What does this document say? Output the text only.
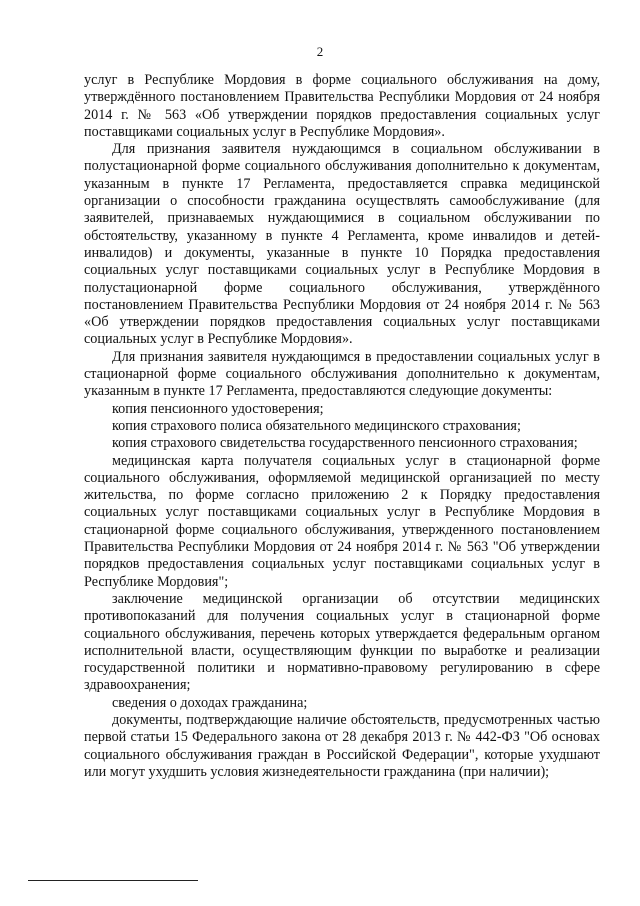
2

услуг в Республике Мордовия в форме социального обслуживания на дому, утверждённого постановлением Правительства Республики Мордовия от 24 ноября 2014 г. № 563 «Об утверждении порядков предоставления социальных услуг поставщиками социальных услуг в Республике Мордовия».

Для признания заявителя нуждающимся в социальном обслуживании в полустационарной форме социального обслуживания дополнительно к документам, указанным в пункте 17 Регламента, предоставляется справка медицинской организации о способности гражданина осуществлять самообслуживание (для заявителей, признаваемых нуждающимися в социальном обслуживании по обстоятельству, указанному в пункте 4 Регламента, кроме инвалидов и детей-инвалидов) и документы, указанные в пункте 10 Порядка предоставления социальных услуг поставщиками социальных услуг в Республике Мордовия в полустационарной форме социального обслуживания, утверждённого постановлением Правительства Республики Мордовия от 24 ноября 2014 г. № 563 «Об утверждении порядков предоставления социальных услуг поставщиками социальных услуг в Республике Мордовия».

Для признания заявителя нуждающимся в предоставлении социальных услуг в стационарной форме социального обслуживания дополнительно к документам, указанным в пункте 17 Регламента, предоставляются следующие документы:

копия пенсионного удостоверения;

копия страхового полиса обязательного медицинского страхования;

копия страхового свидетельства государственного пенсионного страхования;

медицинская карта получателя социальных услуг в стационарной форме социального обслуживания, оформляемой медицинской организацией по месту жительства, по форме согласно приложению 2 к Порядку предоставления социальных услуг поставщиками социальных услуг в Республике Мордовия в стационарной форме социального обслуживания, утвержденного постановлением Правительства Республики Мордовия от 24 ноября 2014 г. № 563 "Об утверждении порядков предоставления социальных услуг поставщиками социальных услуг в Республике Мордовия";

заключение медицинской организации об отсутствии медицинских противопоказаний для получения социальных услуг в стационарной форме социального обслуживания, перечень которых утверждается федеральным органом исполнительной власти, осуществляющим функции по выработке и реализации государственной политики и нормативно-правовому регулированию в сфере здравоохранения;

сведения о доходах гражданина;

документы, подтверждающие наличие обстоятельств, предусмотренных частью первой статьи 15 Федерального закона от 28 декабря 2013 г. № 442-ФЗ "Об основах социального обслуживания граждан в Российской Федерации", которые ухудшают или могут ухудшить условия жизнедеятельности гражданина (при наличии);
